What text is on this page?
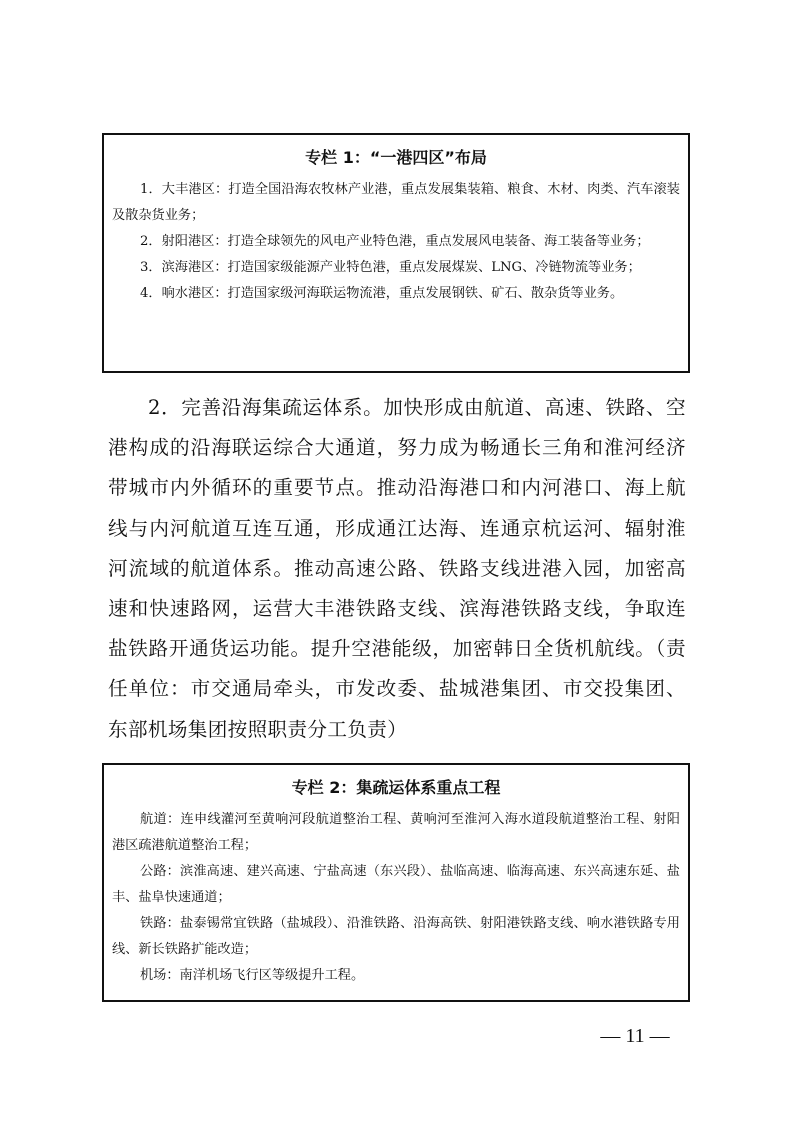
专栏 1：“一港四区”布局

1．大丰港区：打造全国沿海农牧林产业港，重点发展集装箱、粮食、木材、肉类、汽车滚装及散杂货业务；

2．射阳港区：打造全球领先的风电产业特色港，重点发展风电装备、海工装备等业务；

3．滨海港区：打造国家级能源产业特色港，重点发展煤炭、LNG、冷链物流等业务；

4．响水港区：打造国家级河海联运物流港，重点发展钢铁、矿石、散杂货等业务。

2．完善沿海集疏运体系。加快形成由航道、高速、铁路、空港构成的沿海联运综合大通道，努力成为畅通长三角和淮河经济带城市内外循环的重要节点。推动沿海港口和内河港口、海上航线与内河航道互连互通，形成通江达海、连通京杭运河、辐射淮河流域的航道体系。推动高速公路、铁路支线进港入园，加密高速和快速路网，运营大丰港铁路支线、滨海港铁路支线，争取连盐铁路开通货运功能。提升空港能级，加密韩日全货机航线。（责任单位：市交通局牵头，市发改委、盐城港集团、市交投集团、东部机场集团按照职责分工负责）

专栏 2：集疏运体系重点工程

航道：连申线灌河至黄响河段航道整治工程、黄响河至淮河入海水道段航道整治工程、射阳港区疏港航道整治工程；

公路：滨淮高速、建兴高速、宁盐高速（东兴段）、盐临高速、临海高速、东兴高速东延、盐丰、盐阜快速通道；

铁路：盐泰锡常宜铁路（盐城段）、沿淮铁路、沿海高铁、射阳港铁路支线、响水港铁路专用线、新长铁路扩能改造；

机场：南洋机场飞行区等级提升工程。

— 11 —
